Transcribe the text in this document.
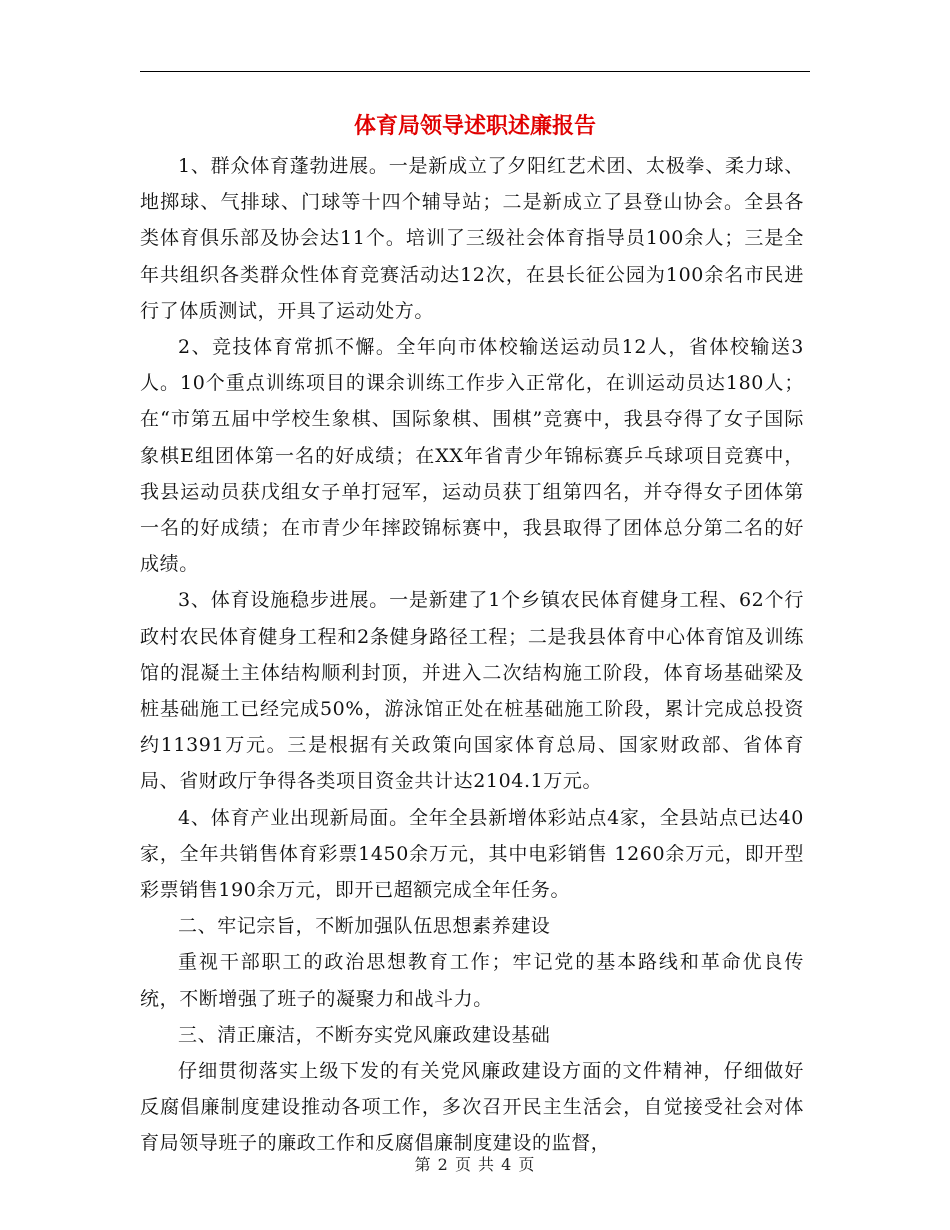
体育局领导述职述廉报告

1、群众体育蓬勃进展。一是新成立了夕阳红艺术团、太极拳、柔力球、地掷球、气排球、门球等十四个辅导站；二是新成立了县登山协会。全县各类体育俱乐部及协会达11个。培训了三级社会体育指导员100余人；三是全年共组织各类群众性体育竞赛活动达12次，在县长征公园为100余名市民进行了体质测试，开具了运动处方。

2、竞技体育常抓不懈。全年向市体校输送运动员12人，省体校输送3人。10个重点训练项目的课余训练工作步入正常化，在训运动员达180人；在“市第五届中学校生象棋、国际象棋、围棋”竞赛中，我县夺得了女子国际象棋E组团体第一名的好成绩；在XX年省青少年锦标赛乒乓球项目竞赛中，我县运动员获戊组女子单打冠军，运动员获丁组第四名，并夺得女子团体第一名的好成绩；在市青少年摔跤锦标赛中，我县取得了团体总分第二名的好成绩。

3、体育设施稳步进展。一是新建了1个乡镇农民体育健身工程、62个行政村农民体育健身工程和2条健身路径工程；二是我县体育中心体育馆及训练馆的混凝土主体结构顺利封顶，并进入二次结构施工阶段，体育场基础梁及桩基础施工已经完成50%，游泳馆正处在桩基础施工阶段，累计完成总投资约11391万元。三是根据有关政策向国家体育总局、国家财政部、省体育局、省财政厅争得各类项目资金共计达2104.1万元。

4、体育产业出现新局面。全年全县新增体彩站点4家，全县站点已达40家，全年共销售体育彩票1450余万元，其中电彩销售 1260余万元，即开型彩票销售190余万元，即开已超额完成全年任务。

二、牢记宗旨，不断加强队伍思想素养建设

重视干部职工的政治思想教育工作；牢记党的基本路线和革命优良传统，不断增强了班子的凝聚力和战斗力。

三、清正廉洁，不断夯实党风廉政建设基础

仔细贯彻落实上级下发的有关党风廉政建设方面的文件精神，仔细做好反腐倡廉制度建设推动各项工作，多次召开民主生活会，自觉接受社会对体育局领导班子的廉政工作和反腐倡廉制度建设的监督，

第 2 页 共 4 页
